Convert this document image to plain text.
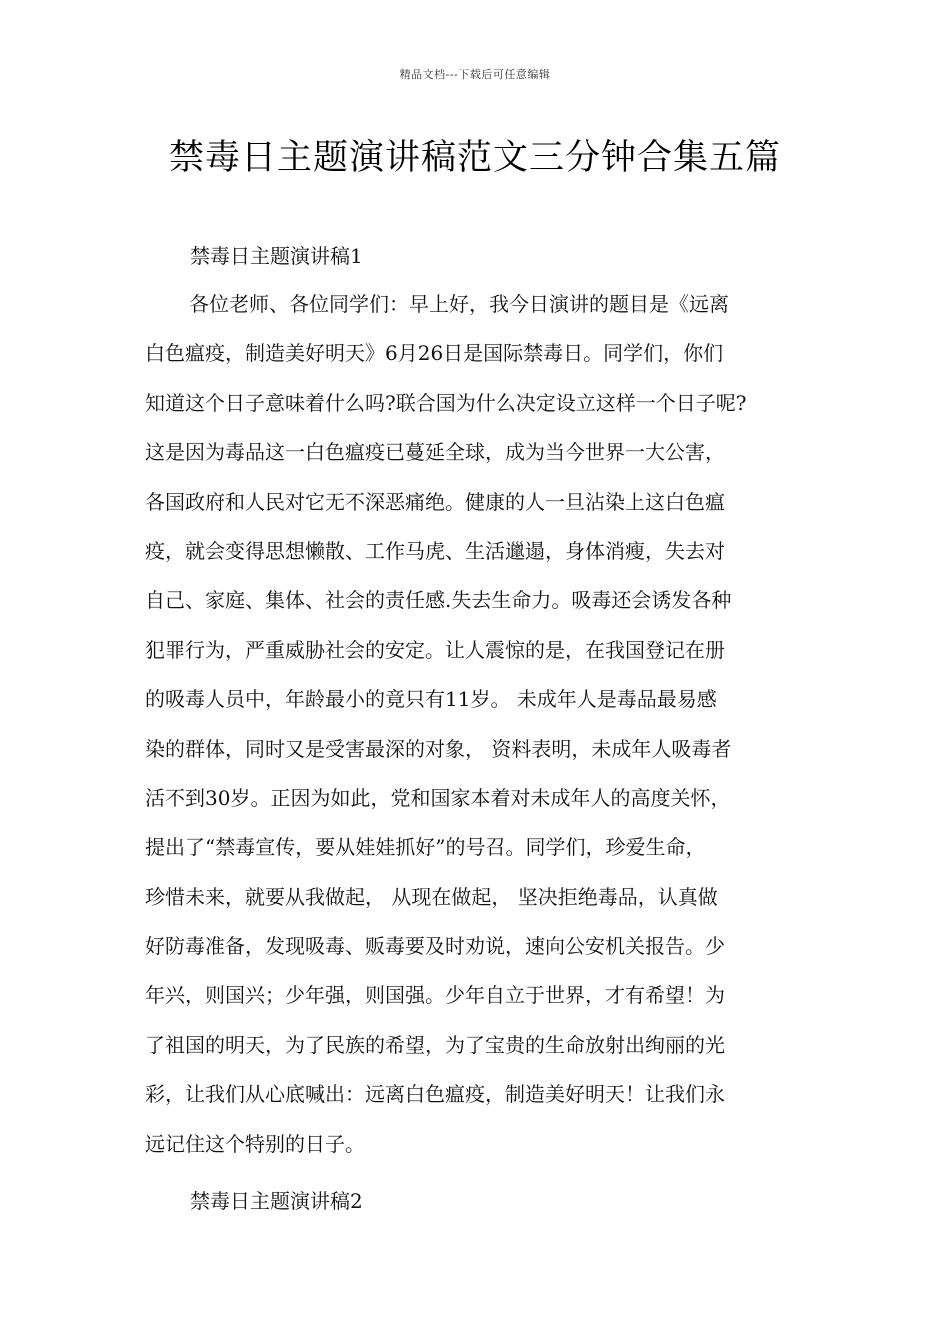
精品文档---下载后可任意编辑
禁毒日主题演讲稿范文三分钟合集五篇
禁毒日主题演讲稿1
各位老师、各位同学们：早上好，我今日演讲的题目是《远离
白色瘟疫，制造美好明天》6月26日是国际禁毒日。同学们，你们
知道这个日子意味着什么吗?联合国为什么决定设立这样一个日子呢?
这是因为毒品这一白色瘟疫已蔓延全球，成为当今世界一大公害，
各国政府和人民对它无不深恶痛绝。健康的人一旦沾染上这白色瘟
疫，就会变得思想懒散、工作马虎、生活邋遢，身体消瘦，失去对
自己、家庭、集体、社会的责任感.失去生命力。吸毒还会诱发各种
犯罪行为，严重威胁社会的安定。让人震惊的是，在我国登记在册
的吸毒人员中，年龄最小的竟只有11岁。 未成年人是毒品最易感
染的群体，同时又是受害最深的对象， 资料表明，未成年人吸毒者
活不到30岁。正因为如此，党和国家本着对未成年人的高度关怀，
提出了“禁毒宣传，要从娃娃抓好”的号召。同学们，珍爱生命，
珍惜未来，就要从我做起， 从现在做起， 坚决拒绝毒品，认真做
好防毒准备，发现吸毒、贩毒要及时劝说，速向公安机关报告。少
年兴，则国兴；少年强，则国强。少年自立于世界，才有希望！为
了祖国的明天，为了民族的希望，为了宝贵的生命放射出绚丽的光
彩，让我们从心底喊出：远离白色瘟疫，制造美好明天！让我们永
远记住这个特别的日子。
禁毒日主题演讲稿2
